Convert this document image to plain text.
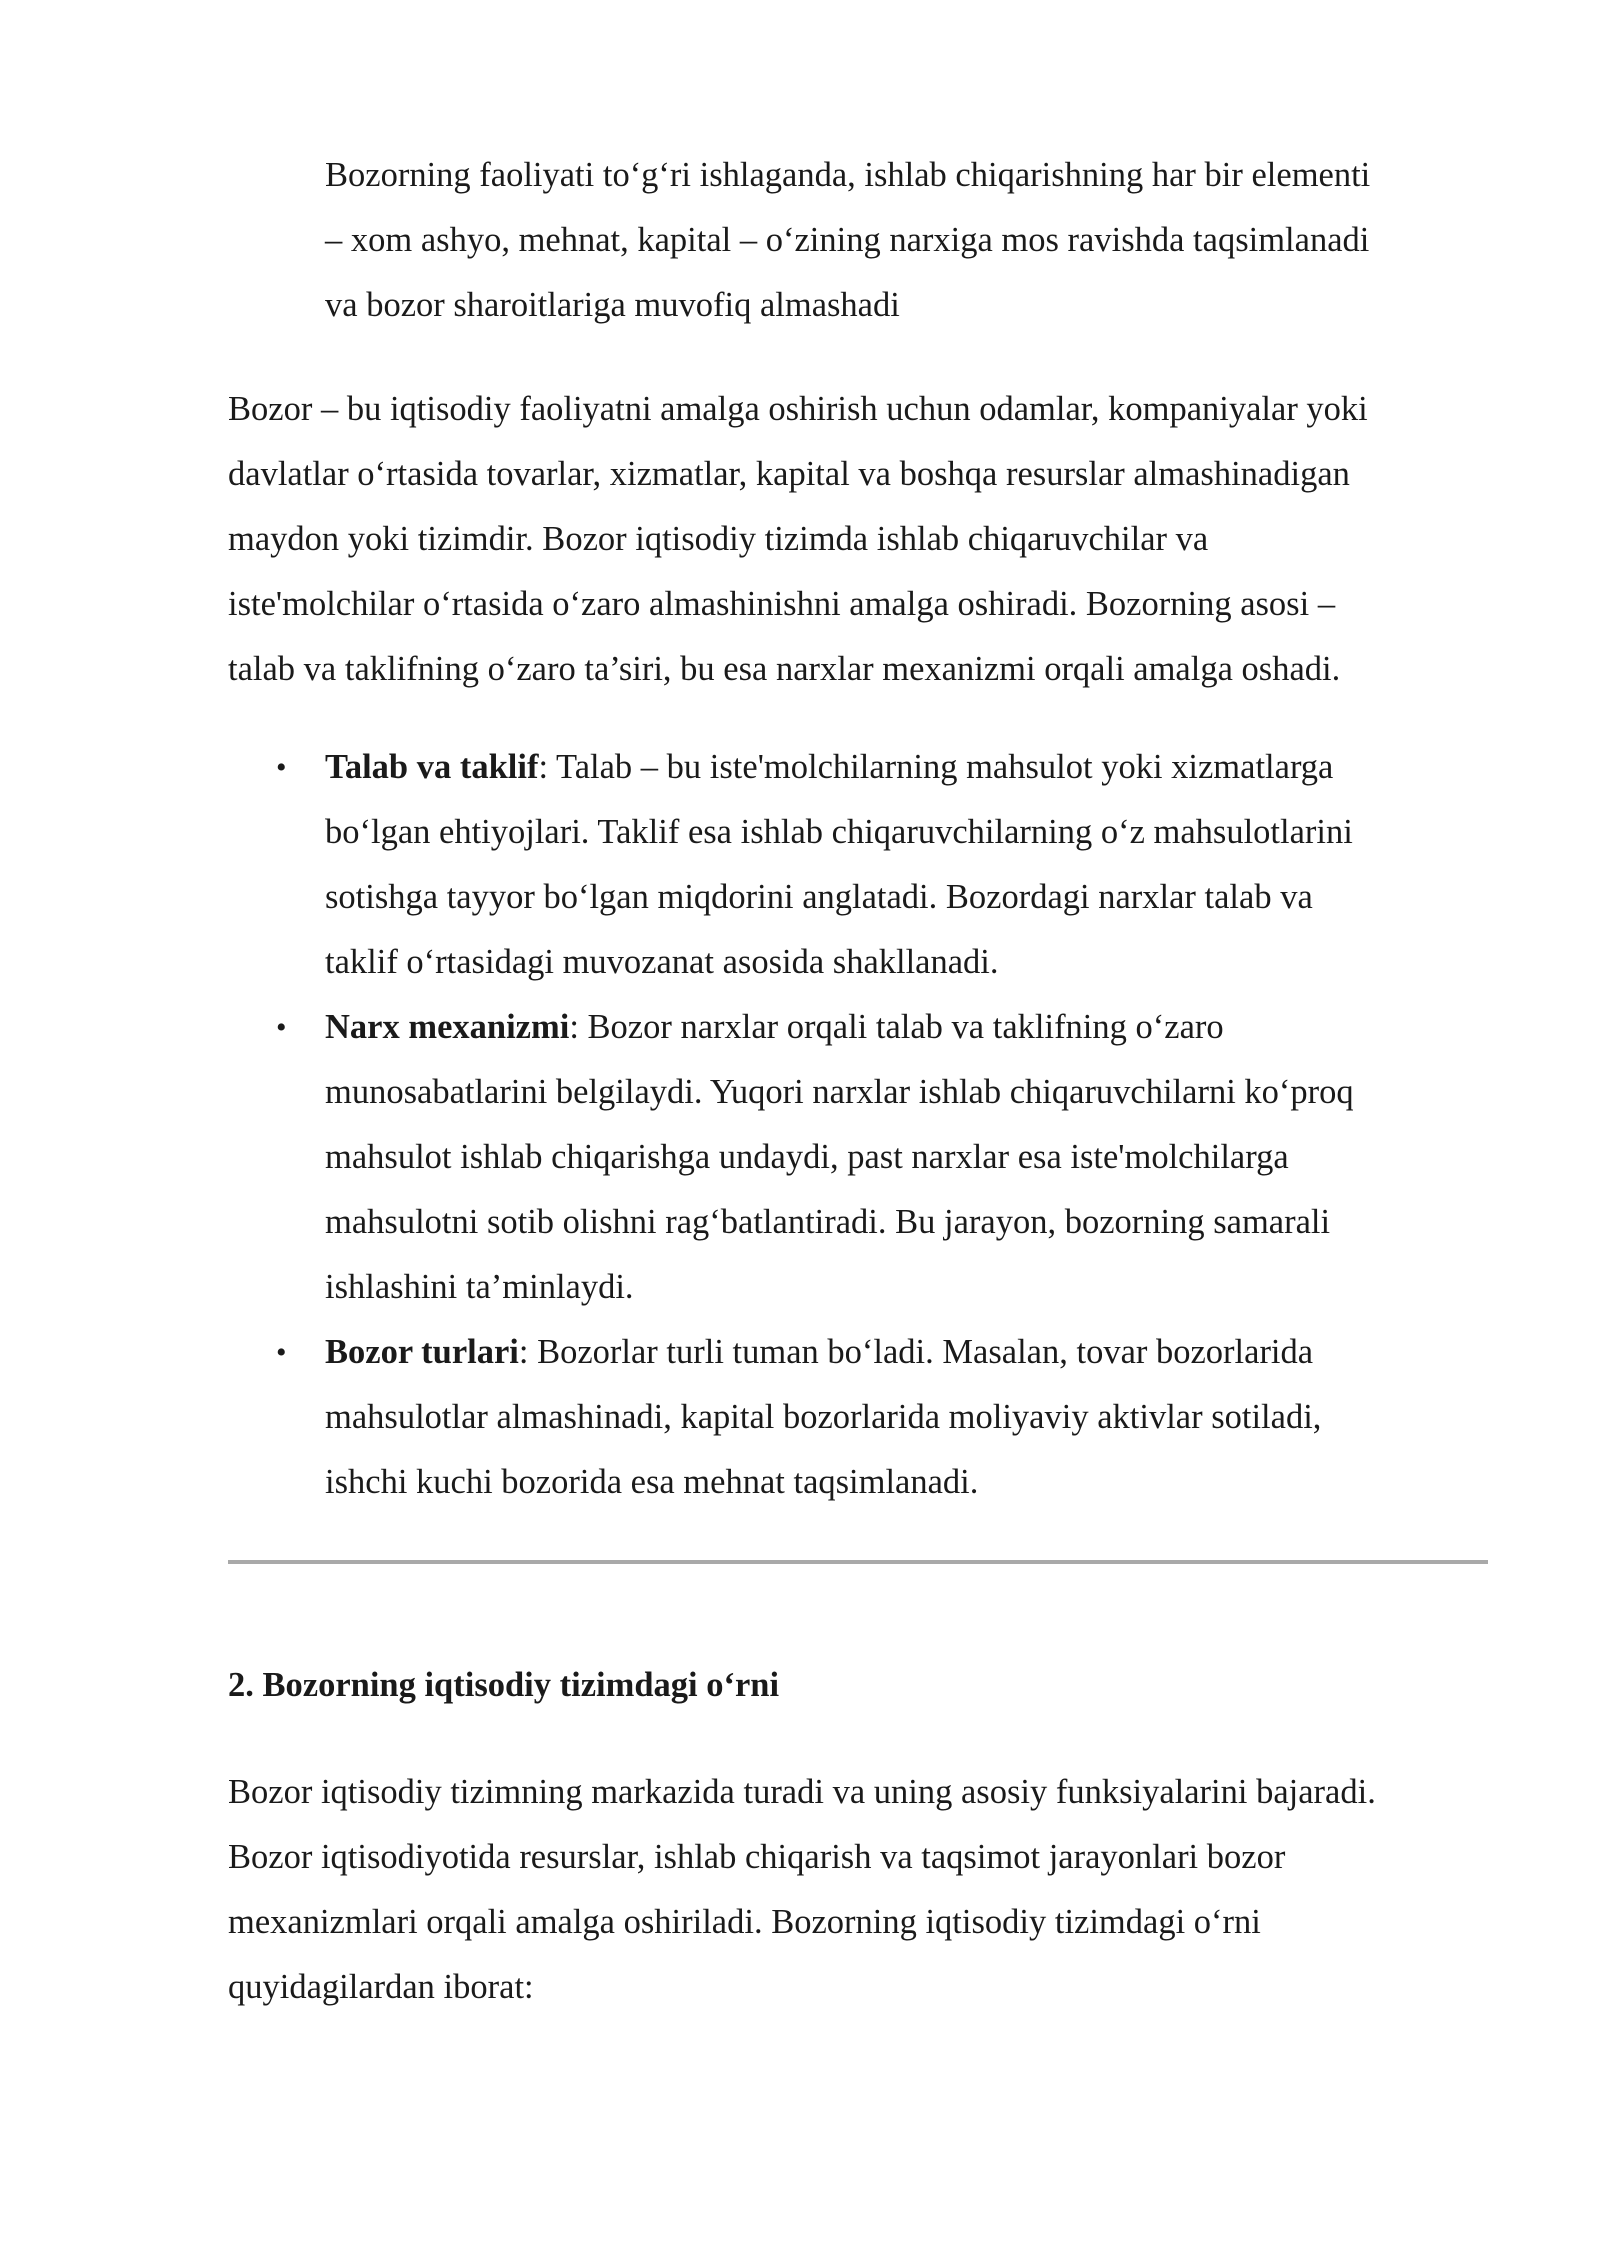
Bozorning faoliyati to‘g‘ri ishlaganda, ishlab chiqarishning har bir elementi
– xom ashyo, mehnat, kapital – o‘zining narxiga mos ravishda taqsimlanadi
va bozor sharoitlariga muvofiq almashadi
Bozor – bu iqtisodiy faoliyatni amalga oshirish uchun odamlar, kompaniyalar yoki
davlatlar o‘rtasida tovarlar, xizmatlar, kapital va boshqa resurslar almashinadigan
maydon yoki tizimdir. Bozor iqtisodiy tizimda ishlab chiqaruvchilar va
iste'molchilar o‘rtasida o‘zaro almashinishni amalga oshiradi. Bozorning asosi –
talab va taklifning o‘zaro ta’siri, bu esa narxlar mexanizmi orqali amalga oshadi.
• Talab va taklif: Talab – bu iste'molchilarning mahsulot yoki xizmatlarga
bo‘lgan ehtiyojlari. Taklif esa ishlab chiqaruvchilarning o‘z mahsulotlarini
sotishga tayyor bo‘lgan miqdorini anglatadi. Bozordagi narxlar talab va
taklif o‘rtasidagi muvozanat asosida shakllanadi.
• Narx mexanizmi: Bozor narxlar orqali talab va taklifning o‘zaro
munosabatlarini belgilaydi. Yuqori narxlar ishlab chiqaruvchilarni ko‘proq
mahsulot ishlab chiqarishga undaydi, past narxlar esa iste'molchilarga
mahsulotni sotib olishni rag‘batlantiradi. Bu jarayon, bozorning samarali
ishlashini ta’minlaydi.
• Bozor turlari: Bozorlar turli tuman bo‘ladi. Masalan, tovar bozorlarida
mahsulotlar almashinadi, kapital bozorlarida moliyaviy aktivlar sotiladi,
ishchi kuchi bozorida esa mehnat taqsimlanadi.
2. Bozorning iqtisodiy tizimdagi o‘rni
Bozor iqtisodiy tizimning markazida turadi va uning asosiy funksiyalarini bajaradi.
Bozor iqtisodiyotida resurslar, ishlab chiqarish va taqsimot jarayonlari bozor
mexanizmlari orqali amalga oshiriladi. Bozorning iqtisodiy tizimdagi o‘rni
quyidagilardan iborat:
